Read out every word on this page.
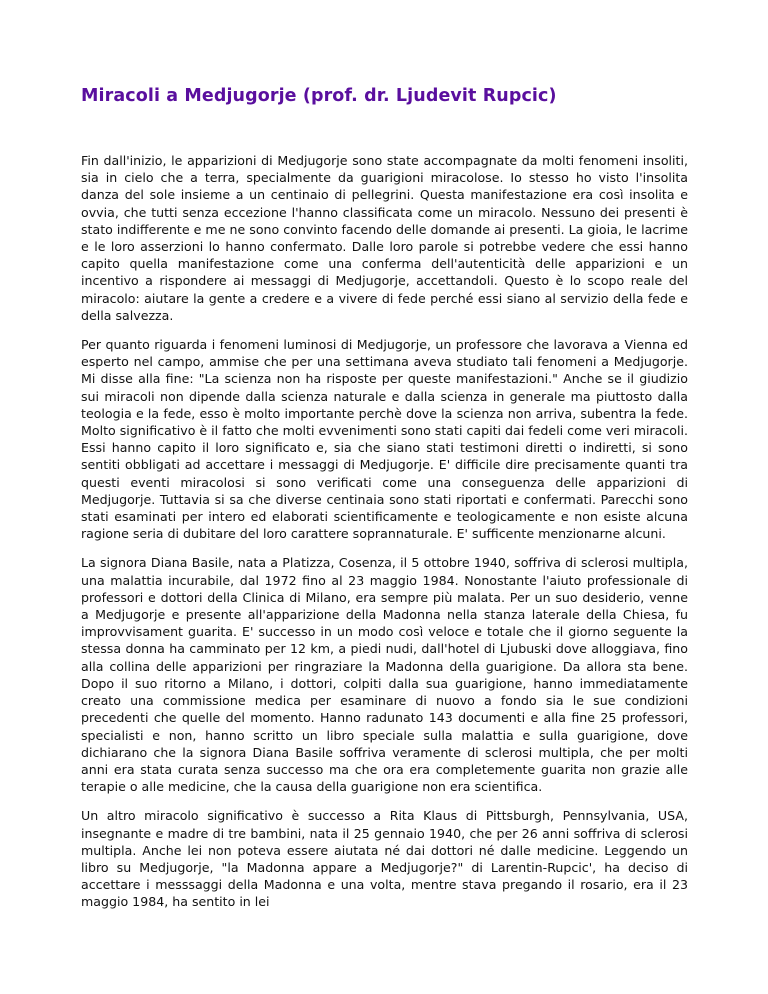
Miracoli a Medjugorje (prof. dr. Ljudevit Rupcic)

Fin dall'inizio, le apparizioni di Medjugorje sono state accompagnate da molti fenomeni insoliti, sia in cielo che a terra, specialmente da guarigioni miracolose. Io stesso ho visto l'insolita danza del sole insieme a un centinaio di pellegrini. Questa manifestazione era così insolita e ovvia, che tutti senza eccezione l'hanno classificata come un miracolo. Nessuno dei presenti è stato indifferente e me ne sono convinto facendo delle domande ai presenti. La gioia, le lacrime e le loro asserzioni lo hanno confermato. Dalle loro parole si potrebbe vedere che essi hanno capito quella manifestazione come una conferma dell'autenticità delle apparizioni e un incentivo a rispondere ai messaggi di Medjugorje, accettandoli. Questo è lo scopo reale del miracolo: aiutare la gente a credere e a vivere di fede perché essi siano al servizio della fede e della salvezza.

Per quanto riguarda i fenomeni luminosi di Medjugorje, un professore che lavorava a Vienna ed esperto nel campo, ammise che per una settimana aveva studiato tali fenomeni a Medjugorje. Mi disse alla fine: "La scienza non ha risposte per queste manifestazioni." Anche se il giudizio sui miracoli non dipende dalla scienza naturale e dalla scienza in generale ma piuttosto dalla teologia e la fede, esso è molto importante perchè dove la scienza non arriva, subentra la fede. Molto significativo è il fatto che molti evvenimenti sono stati capiti dai fedeli come veri miracoli. Essi hanno capito il loro significato e, sia che siano stati testimoni diretti o indiretti, si sono sentiti obbligati ad accettare i messaggi di Medjugorje. E' difficile dire precisamente quanti tra questi eventi miracolosi si sono verificati come una conseguenza delle apparizioni di Medjugorje. Tuttavia si sa che diverse centinaia sono stati riportati e confermati. Parecchi sono stati esaminati per intero ed elaborati scientificamente e teologicamente e non esiste alcuna ragione seria di dubitare del loro carattere soprannaturale. E' sufficente menzionarne alcuni.

La signora Diana Basile, nata a Platizza, Cosenza, il 5 ottobre 1940, soffriva di sclerosi multipla, una malattia incurabile, dal 1972 fino al 23 maggio 1984. Nonostante l'aiuto professionale di professori e dottori della Clinica di Milano, era sempre più malata. Per un suo desiderio, venne a Medjugorje e presente all'apparizione della Madonna nella stanza laterale della Chiesa, fu improvvisament guarita. E' successo in un modo così veloce e totale che il giorno seguente la stessa donna ha camminato per 12 km, a piedi nudi, dall'hotel di Ljubuski dove alloggiava, fino alla collina delle apparizioni per ringraziare la Madonna della guarigione. Da allora sta bene. Dopo il suo ritorno a Milano, i dottori, colpiti dalla sua guarigione, hanno immediatamente creato una commissione medica per esaminare di nuovo a fondo sia le sue condizioni precedenti che quelle del momento. Hanno radunato 143 documenti e alla fine 25 professori, specialisti e non, hanno scritto un libro speciale sulla malattia e sulla guarigione, dove dichiarano che la signora Diana Basile soffriva veramente di sclerosi multipla, che per molti anni era stata curata senza successo ma che ora era completemente guarita non grazie alle terapie o alle medicine, che la causa della guarigione non era scientifica.

Un altro miracolo significativo è successo a Rita Klaus di Pittsburgh, Pennsylvania, USA, insegnante e madre di tre bambini, nata il 25 gennaio 1940, che per 26 anni soffriva di sclerosi multipla. Anche lei non poteva essere aiutata né dai dottori né dalle medicine. Leggendo un libro su Medjugorje, "la Madonna appare a Medjugorje?" di Larentin-Rupcic', ha deciso di accettare i messsaggi della Madonna e una volta, mentre stava pregando il rosario, era il 23 maggio 1984, ha sentito in lei
